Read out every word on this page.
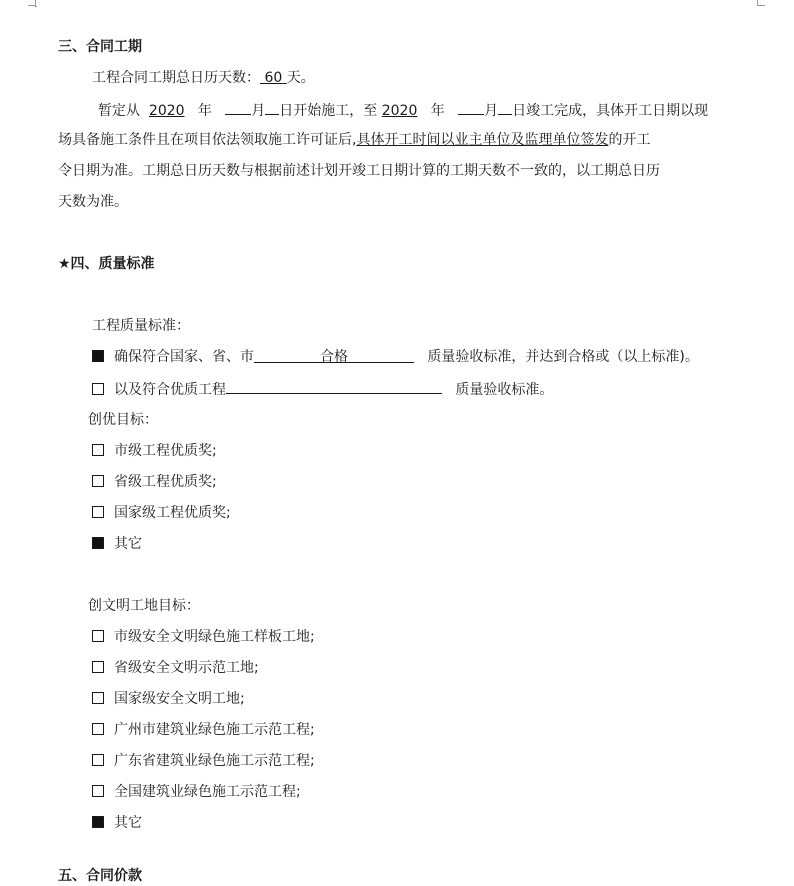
三、合同工期
工程合同工期总日历天数： 60 天。
暂定从 2020 年	月 日开始施工，至 2020 年	月 日竣工完成，具体开工日期以现
场具备施工条件且在项目依法领取施工许可证后,具体开工时间以业主单位及监理单位签发的开工
令日期为准。工期总日历天数与根据前述计划开竣工日期计算的工期天数不一致的，以工期总日历
天数为准。
★四、质量标准
工程质量标准：
确保符合国家、省、市	合格	质量验收标准，并达到合格或（以上标准)。
以及符合优质工程	质量验收标准。
创优目标：
市级工程优质奖;
省级工程优质奖;
国家级工程优质奖;
其它
创文明工地目标：
市级安全文明绿色施工样板工地;
省级安全文明示范工地;
国家级安全文明工地;
广州市建筑业绿色施工示范工程;
广东省建筑业绿色施工示范工程;
全国建筑业绿色施工示范工程;
其它
五、合同价款
